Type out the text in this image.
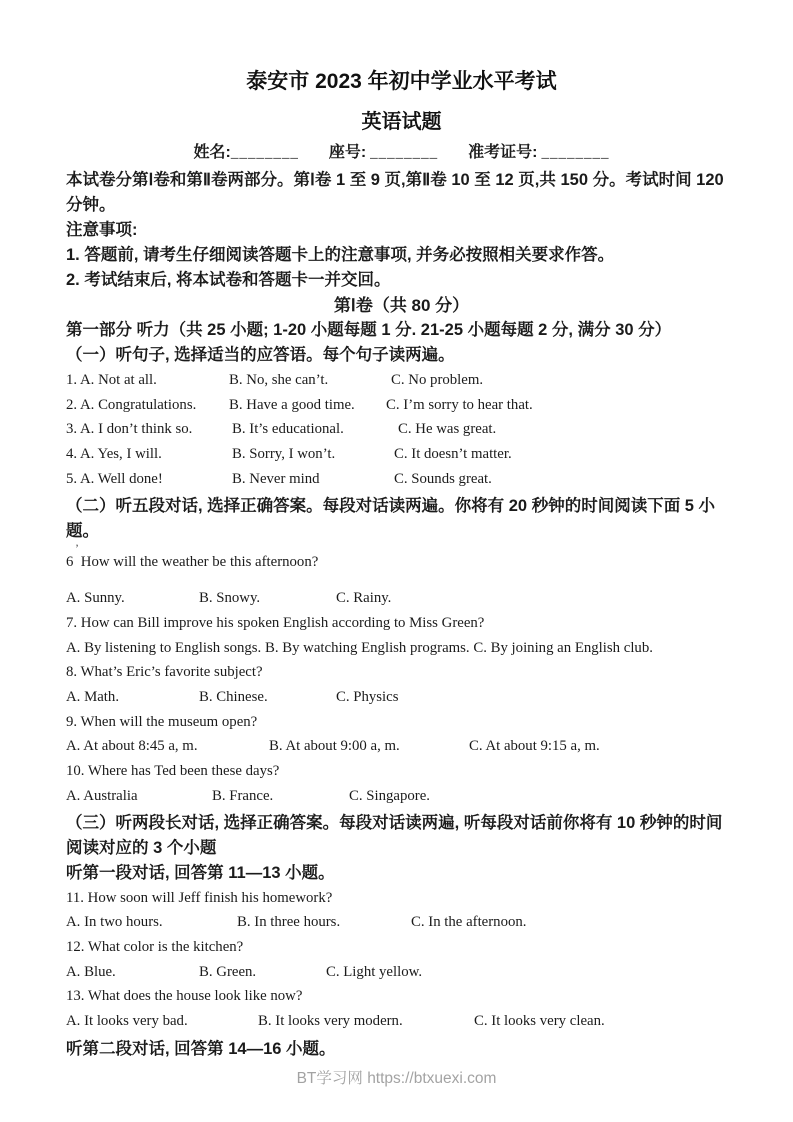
泰安市 2023 年初中学业水平考试
英语试题
姓名:________ 座号: ________ 准考证号: ________
本试卷分第Ⅰ卷和第Ⅱ卷两部分。第Ⅰ卷 1 至 9 页,第Ⅱ卷 10 至 12 页,共 150 分。考试时间 120
分钟。
注意事项:
1. 答题前, 请考生仔细阅读答题卡上的注意事项, 并务必按照相关要求作答。
2. 考试结束后, 将本试卷和答题卡一并交回。
第Ⅰ卷（共 80 分）
第一部分 听力（共 25 小题; 1-20 小题每题 1 分. 21-25 小题每题 2 分, 满分 30 分）
（一）听句子, 选择适当的应答语。每个句子读两遍。
1. A. Not at all.	B. No, she can’t.	C. No problem.
2. A. Congratulations.	B. Have a good time.	C. I’m sorry to hear that.
3. A. I don’t think so.	B. It’s educational.	C. He was great.
4. A. Yes, I will.	B. Sorry, I won’t.	C. It doesn’t matter.
5. A. Well done!	B. Never mind	C. Sounds great.
（二）听五段对话, 选择正确答案。每段对话读两遍。你将有 20 秒钟的时间阅读下面 5 小题。
6  How will the weather be this afternoon?
A. Sunny.	B. Snowy.	C. Rainy.
7. How can Bill improve his spoken English according to Miss Green?
A. By listening to English songs. B. By watching English programs. C. By joining an English club.
8. What’s Eric’s favorite subject?
A. Math.	B. Chinese.	C. Physics
9. When will the museum open?
A. At about 8:45 a, m.	B. At about 9:00 a, m.	C. At about 9:15 a, m.
10. Where has Ted been these days?
A. Australia	B. France.	C. Singapore.
（三）听两段长对话, 选择正确答案。每段对话读两遍, 听每段对话前你将有 10 秒钟的时间
阅读对应的 3 个小题
听第一段对话, 回答第 11—13 小题。
11. How soon will Jeff finish his homework?
A. In two hours.	B. In three hours.	C. In the afternoon.
12. What color is the kitchen?
A. Blue.	B. Green.	C. Light yellow.
13. What does the house look like now?
A. It looks very bad.	B. It looks very modern.	C. It looks very clean.
听第二段对话, 回答第 14—16 小题。
’
BT学习网 https://btxuexi.com
